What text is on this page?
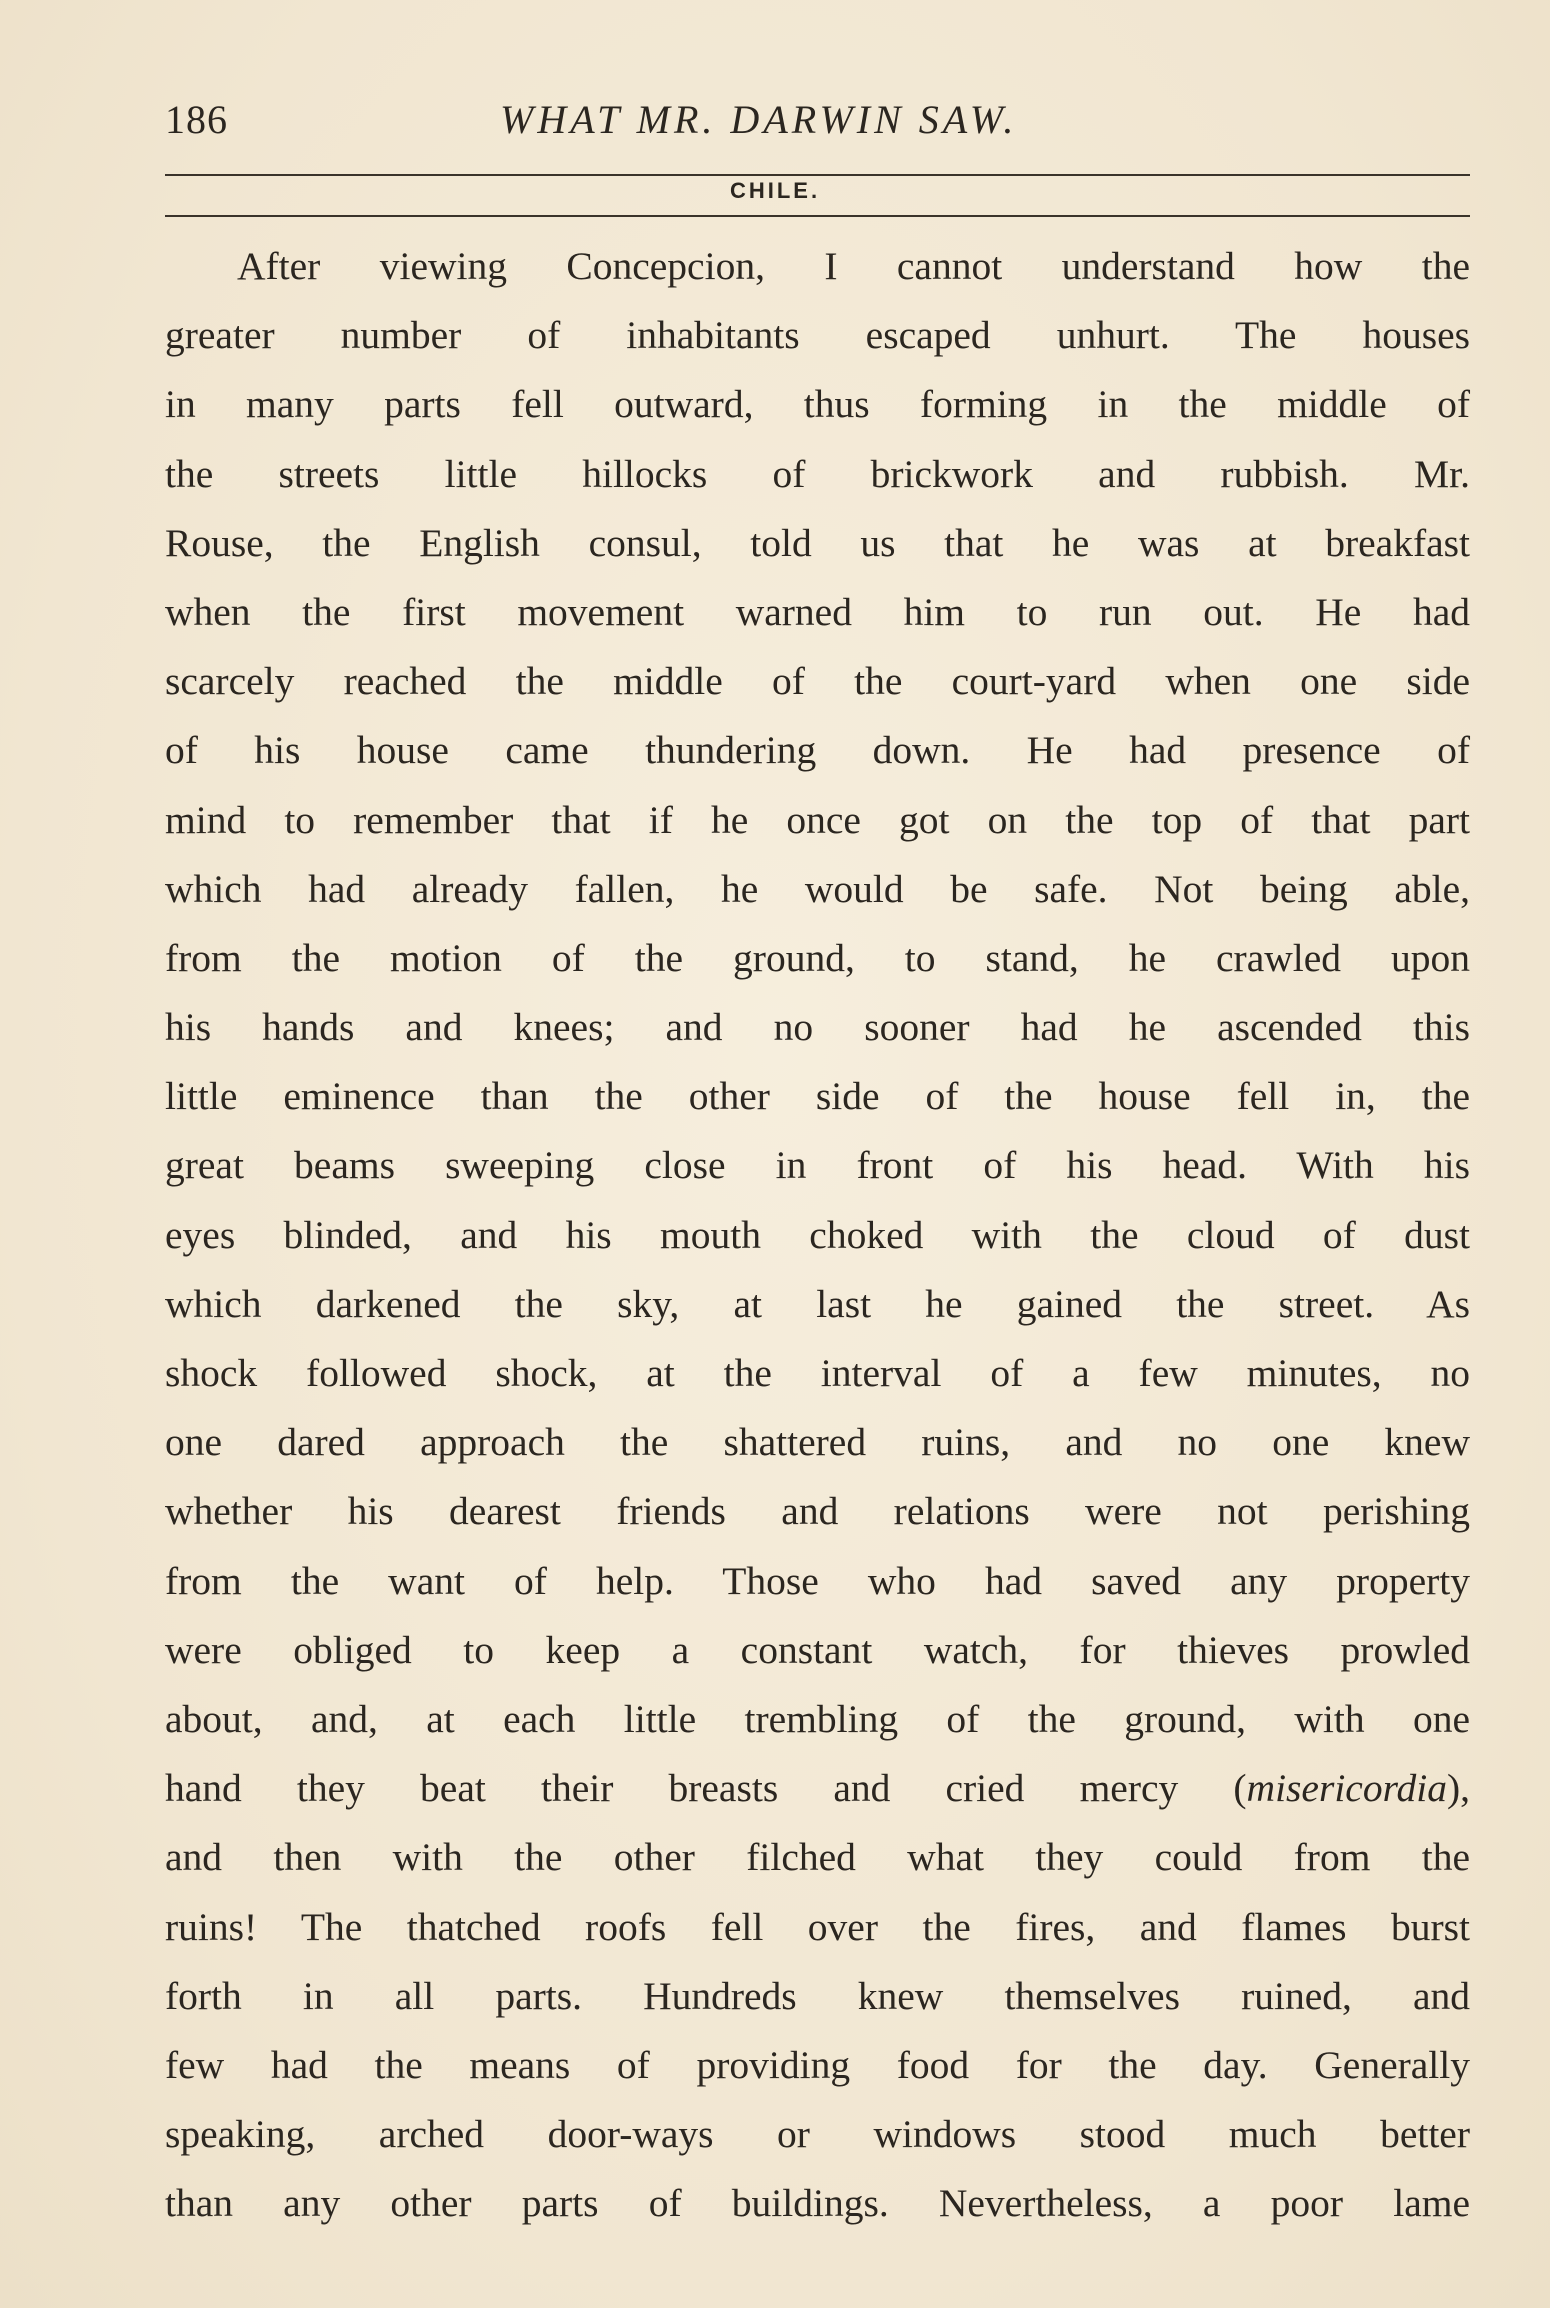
186	WHAT MR. DARWIN SAW.
CHILE.
After viewing Concepcion, I cannot understand how the
greater number of inhabitants escaped unhurt. The houses
in many parts fell outward, thus forming in the middle of
the streets little hillocks of brickwork and rubbish. Mr.
Rouse, the English consul, told us that he was at breakfast
when the first movement warned him to run out. He had
scarcely reached the middle of the court-yard when one side
of his house came thundering down. He had presence of
mind to remember that if he once got on the top of that part
which had already fallen, he would be safe. Not being able,
from the motion of the ground, to stand, he crawled upon
his hands and knees; and no sooner had he ascended this
little eminence than the other side of the house fell in, the
great beams sweeping close in front of his head. With his
eyes blinded, and his mouth choked with the cloud of dust
which darkened the sky, at last he gained the street. As
shock followed shock, at the interval of a few minutes, no
one dared approach the shattered ruins, and no one knew
whether his dearest friends and relations were not perishing
from the want of help. Those who had saved any property
were obliged to keep a constant watch, for thieves prowled
about, and, at each little trembling of the ground, with one
hand they beat their breasts and cried mercy (misericordia),
and then with the other filched what they could from the
ruins! The thatched roofs fell over the fires, and flames burst
forth in all parts. Hundreds knew themselves ruined, and
few had the means of providing food for the day. Generally
speaking, arched door-ways or windows stood much better
than any other parts of buildings. Nevertheless, a poor lame
